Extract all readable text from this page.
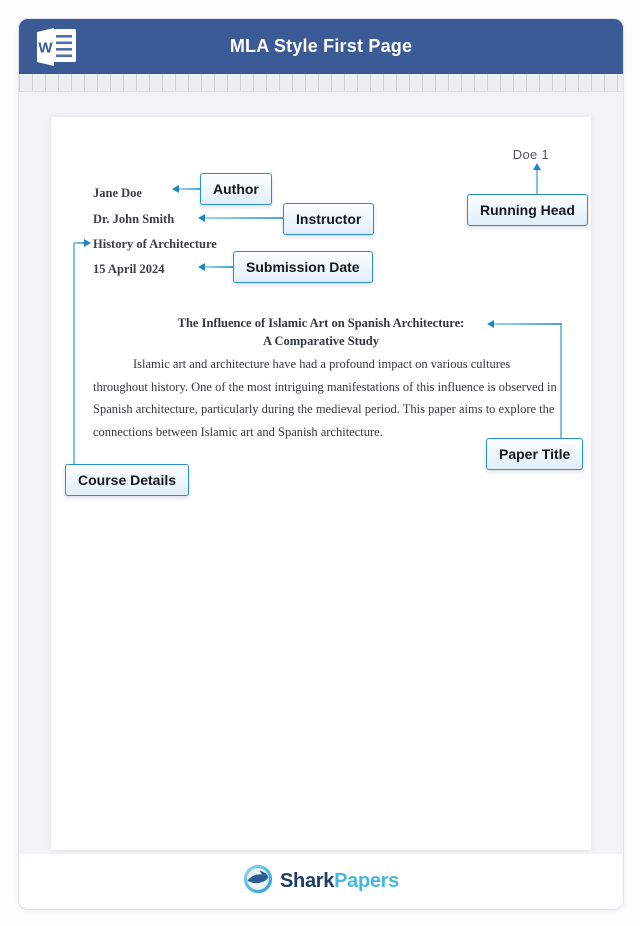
W	MLA Style First Page
Doe 1
Jane Doe
Dr. John Smith
History of Architecture
15 April 2024
The Influence of Islamic Art on Spanish Architecture:
A Comparative Study
Islamic art and architecture have had a profound impact on various cultures
throughout history. One of the most intriguing manifestations of this influence is observed in
Spanish architecture, particularly during the medieval period. This paper aims to explore the
connections between Islamic art and Spanish architecture.
Author
Instructor
Running Head
Submission Date
Paper Title
Course Details
SharkPapers
